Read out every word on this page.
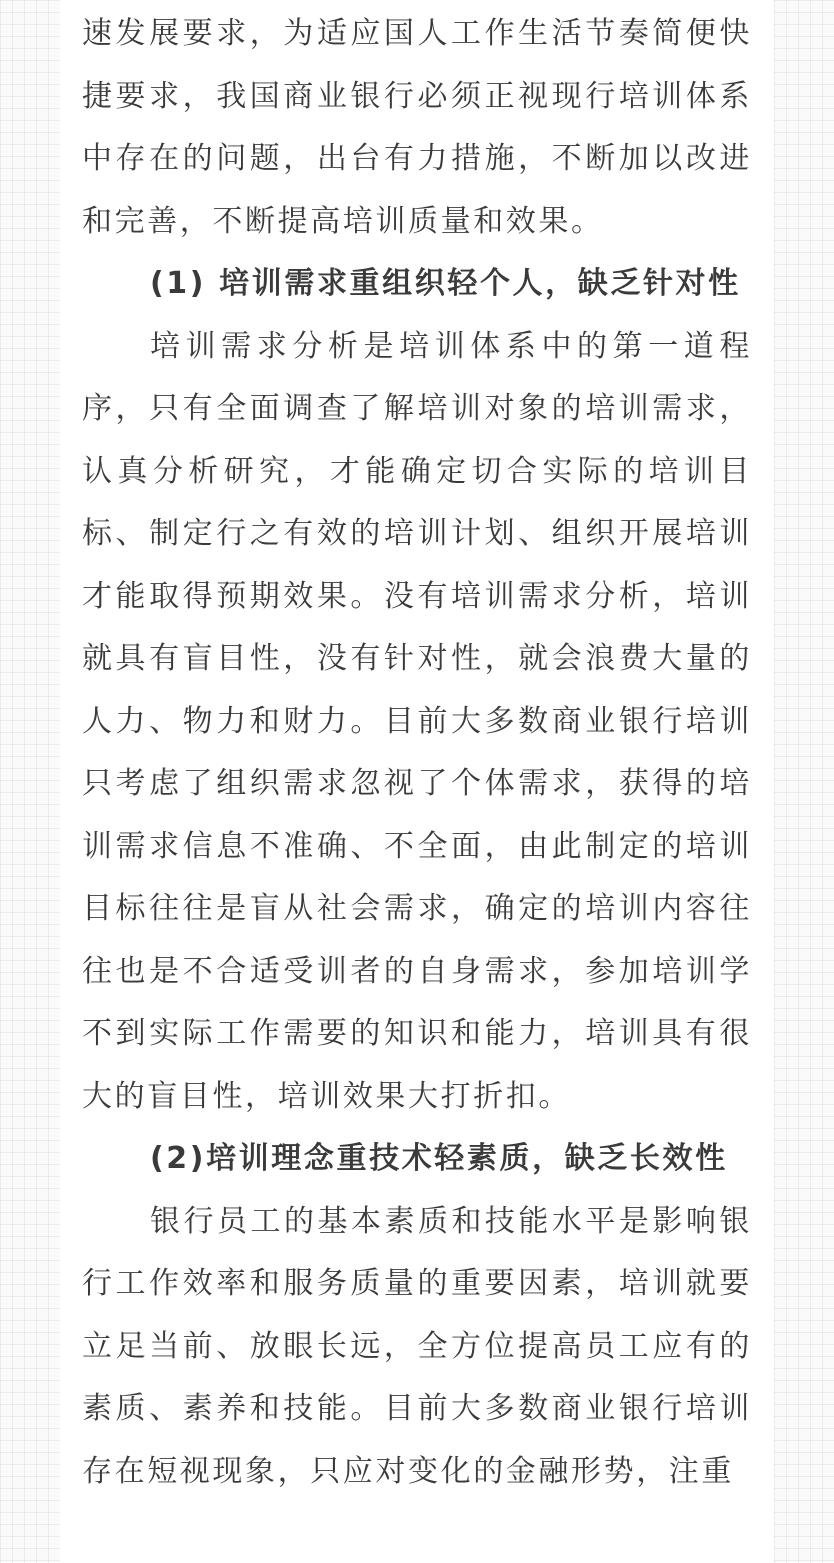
速发展要求，为适应国人工作生活节奏简便快捷要求，我国商业银行必须正视现行培训体系中存在的问题，出台有力措施，不断加以改进和完善，不断提高培训质量和效果。

(1) 培训需求重组织轻个人，缺乏针对性

培训需求分析是培训体系中的第一道程序，只有全面调查了解培训对象的培训需求，认真分析研究，才能确定切合实际的培训目标、制定行之有效的培训计划、组织开展培训才能取得预期效果。没有培训需求分析，培训就具有盲目性，没有针对性，就会浪费大量的人力、物力和财力。目前大多数商业银行培训只考虑了组织需求忽视了个体需求，获得的培训需求信息不准确、不全面，由此制定的培训目标往往是盲从社会需求，确定的培训内容往往也是不合适受训者的自身需求，参加培训学不到实际工作需要的知识和能力，培训具有很大的盲目性，培训效果大打折扣。

(2)培训理念重技术轻素质，缺乏长效性

银行员工的基本素质和技能水平是影响银行工作效率和服务质量的重要因素，培训就要立足当前、放眼长远，全方位提高员工应有的素质、素养和技能。目前大多数商业银行培训存在短视现象，只应对变化的金融形势，注重
